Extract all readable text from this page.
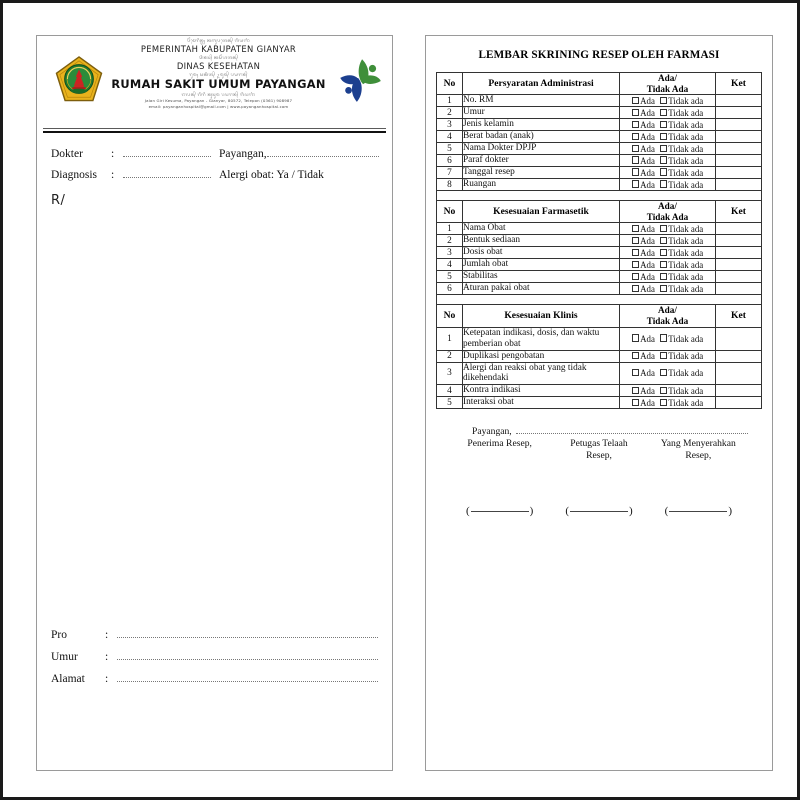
ᬧᭂᬫᬾᬭᬶᬦ᭄ᬢᬄ ᬓᬩᬸᬧᬢᬾᬦ᭄ ᬕᬶᬬᬜᬃ
PEMERINTAH KABUPATEN GIANYAR
ᬤᬶᬦᬲ᭄ ᬓᬲᭂᬳᬢᬦ᭄
DINAS KESEHATAN
ᬭᬸᬫᬄ ᬲᬓᬶᬢ᭄ ᬉᬫᬸᬫ᭄ ᬧᬬᬗᬦ᭄
RUMAH SAKIT UMUM PAYANGAN
ᬚᬮᬦ᭄ ᬕᬶᬭᬶ ᬓᬸᬲᬸᬫ ᬧᬬᬗᬦ᭄ ᬕᬶᬬᬜᬃ
Jalan Giri Kesuma, Payangan - Gianyar, 80572, Telepon (0361) 908987
email: payanganhospital@gmail.com | www.payanganhospital.com
Dokter	:	Payangan,
Diagnosis	:	Alergi obat: Ya / Tidak
R/
Pro	:
Umur	:
Alamat	:
LEMBAR SKRINING RESEP OLEH FARMASI
No	Persyaratan Administrasi	Ada/
Tidak Ada	Ket
1	No. RM	Ada Tidak ada	
2	Umur	Ada Tidak ada	
3	Jenis kelamin	Ada Tidak ada	
4	Berat badan (anak)	Ada Tidak ada	
5	Nama Dokter DPJP	Ada Tidak ada	
6	Paraf dokter	Ada Tidak ada	
7	Tanggal resep	Ada Tidak ada	
8	Ruangan	Ada Tidak ada	

No	Kesesuaian Farmasetik	Ada/
Tidak Ada	Ket
1	Nama Obat	Ada Tidak ada	
2	Bentuk sediaan	Ada Tidak ada	
3	Dosis obat	Ada Tidak ada	
4	Jumlah obat	Ada Tidak ada	
5	Stabilitas	Ada Tidak ada	
6	Aturan pakai obat	Ada Tidak ada	

No	Kesesuaian Klinis	Ada/
Tidak Ada	Ket
1	Ketepatan indikasi, dosis, dan waktu pemberian obat	Ada Tidak ada	
2	Duplikasi pengobatan	Ada Tidak ada	
3	Alergi dan reaksi obat yang tidak dikehendaki	Ada Tidak ada	
4	Kontra indikasi	Ada Tidak ada	
5	Interaksi obat	Ada Tidak ada	
Payangan,
Penerima Resep,	Petugas Telaah
Resep,
Yang Menyerahkan
Resep,
(	)	(	)	(	)
